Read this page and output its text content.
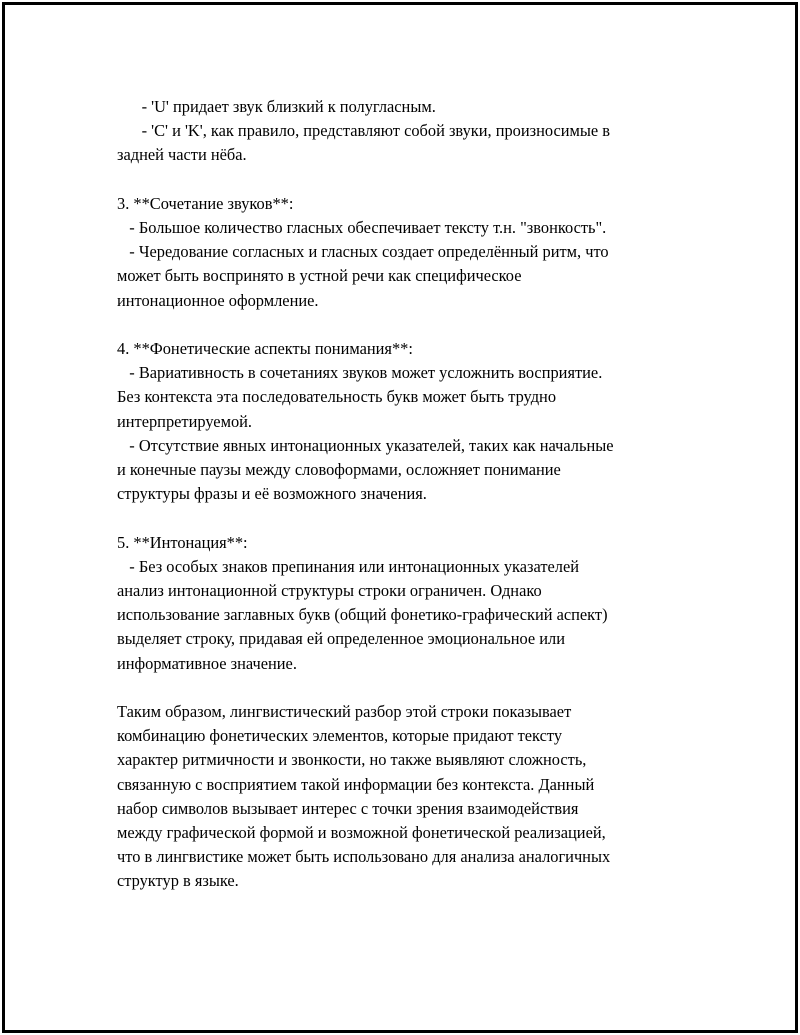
- 'U' придает звук близкий к полугласным.
- 'C' и 'K', как правило, представляют собой звуки, произносимые в
задней части нёба.
3. **Сочетание звуков**:
- Большое количество гласных обеспечивает тексту т.н. "звонкость".
- Чередование согласных и гласных создает определённый ритм, что
может быть воспринято в устной речи как специфическое
интонационное оформление.
4. **Фонетические аспекты понимания**:
- Вариативность в сочетаниях звуков может усложнить восприятие.
Без контекста эта последовательность букв может быть трудно
интерпретируемой.
- Отсутствие явных интонационных указателей, таких как начальные
и конечные паузы между словоформами, осложняет понимание
структуры фразы и её возможного значения.
5. **Интонация**:
- Без особых знаков препинания или интонационных указателей
анализ интонационной структуры строки ограничен. Однако
использование заглавных букв (общий фонетико-графический аспект)
выделяет строку, придавая ей определенное эмоциональное или
информативное значение.
Таким образом, лингвистический разбор этой строки показывает
комбинацию фонетических элементов, которые придают тексту
характер ритмичности и звонкости, но также выявляют сложность,
связанную с восприятием такой информации без контекста. Данный
набор символов вызывает интерес с точки зрения взаимодействия
между графической формой и возможной фонетической реализацией,
что в лингвистике может быть использовано для анализа аналогичных
структур в языке.
